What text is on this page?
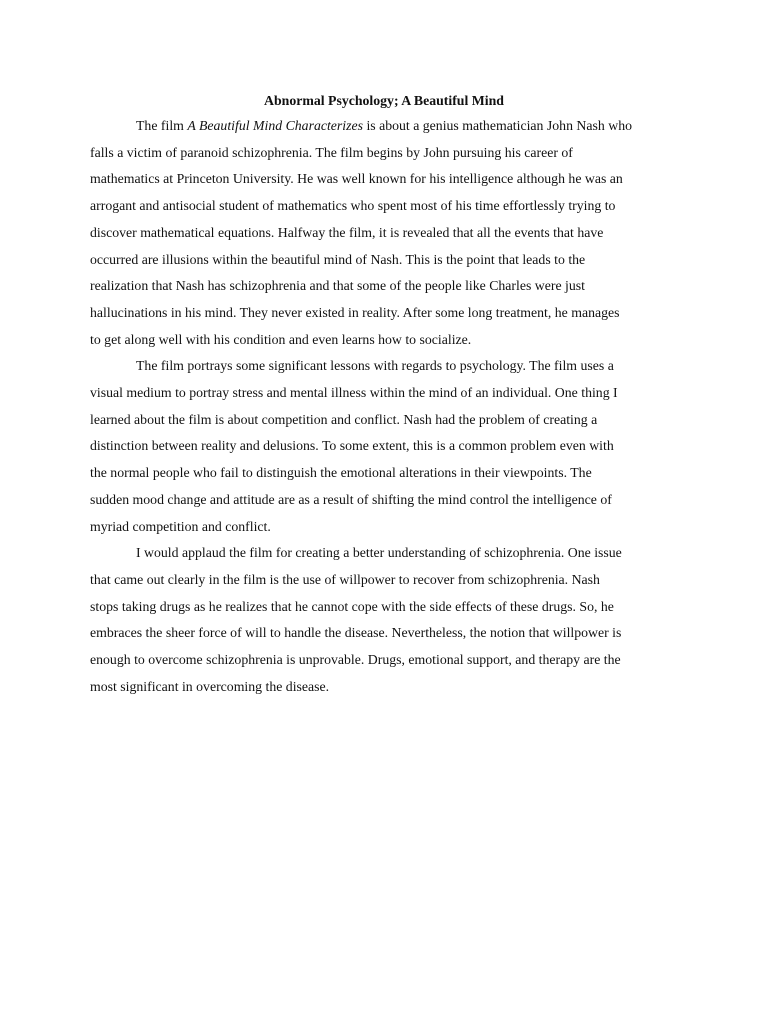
Abnormal Psychology; A Beautiful Mind

The film A Beautiful Mind Characterizes is about a genius mathematician John Nash who
falls a victim of paranoid schizophrenia. The film begins by John pursuing his career of
mathematics at Princeton University. He was well known for his intelligence although he was an
arrogant and antisocial student of mathematics who spent most of his time effortlessly trying to
discover mathematical equations. Halfway the film, it is revealed that all the events that have
occurred are illusions within the beautiful mind of Nash. This is the point that leads to the
realization that Nash has schizophrenia and that some of the people like Charles were just
hallucinations in his mind. They never existed in reality. After some long treatment, he manages
to get along well with his condition and even learns how to socialize.

The film portrays some significant lessons with regards to psychology. The film uses a
visual medium to portray stress and mental illness within the mind of an individual. One thing I
learned about the film is about competition and conflict. Nash had the problem of creating a
distinction between reality and delusions. To some extent, this is a common problem even with
the normal people who fail to distinguish the emotional alterations in their viewpoints. The
sudden mood change and attitude are as a result of shifting the mind control the intelligence of
myriad competition and conflict.

I would applaud the film for creating a better understanding of schizophrenia. One issue
that came out clearly in the film is the use of willpower to recover from schizophrenia. Nash
stops taking drugs as he realizes that he cannot cope with the side effects of these drugs. So, he
embraces the sheer force of will to handle the disease. Nevertheless, the notion that willpower is
enough to overcome schizophrenia is unprovable. Drugs, emotional support, and therapy are the
most significant in overcoming the disease.
